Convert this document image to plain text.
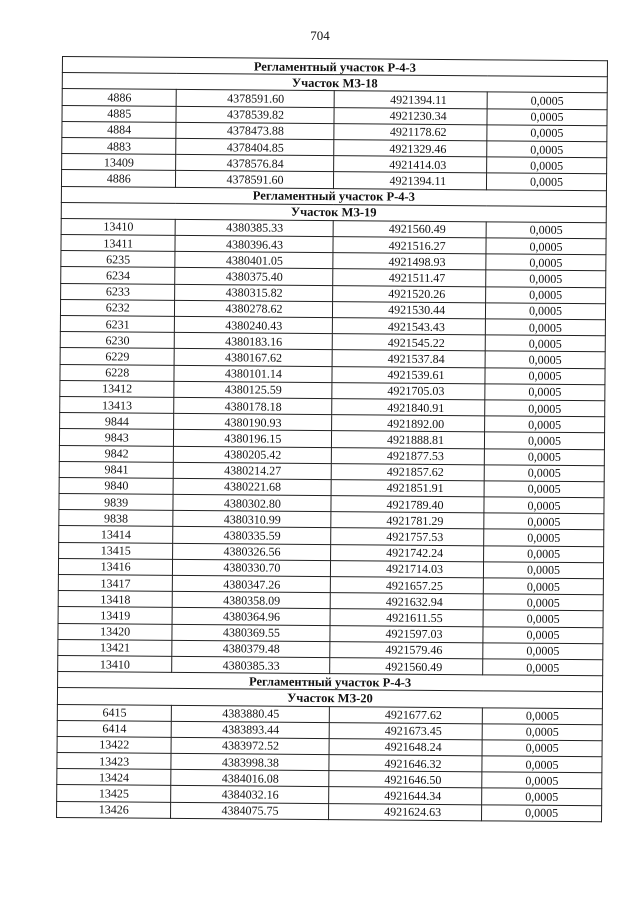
704
Регламентный участок Р-4-3			
Участок МЗ-18			
4886	4378591.60	4921394.11	0,0005
4885	4378539.82	4921230.34	0,0005
4884	4378473.88	4921178.62	0,0005
4883	4378404.85	4921329.46	0,0005
13409	4378576.84	4921414.03	0,0005
4886	4378591.60	4921394.11	0,0005
Регламентный участок Р-4-3			
Участок МЗ-19			
13410	4380385.33	4921560.49	0,0005
13411	4380396.43	4921516.27	0,0005
6235	4380401.05	4921498.93	0,0005
6234	4380375.40	4921511.47	0,0005
6233	4380315.82	4921520.26	0,0005
6232	4380278.62	4921530.44	0,0005
6231	4380240.43	4921543.43	0,0005
6230	4380183.16	4921545.22	0,0005
6229	4380167.62	4921537.84	0,0005
6228	4380101.14	4921539.61	0,0005
13412	4380125.59	4921705.03	0,0005
13413	4380178.18	4921840.91	0,0005
9844	4380190.93	4921892.00	0,0005
9843	4380196.15	4921888.81	0,0005
9842	4380205.42	4921877.53	0,0005
9841	4380214.27	4921857.62	0,0005
9840	4380221.68	4921851.91	0,0005
9839	4380302.80	4921789.40	0,0005
9838	4380310.99	4921781.29	0,0005
13414	4380335.59	4921757.53	0,0005
13415	4380326.56	4921742.24	0,0005
13416	4380330.70	4921714.03	0,0005
13417	4380347.26	4921657.25	0,0005
13418	4380358.09	4921632.94	0,0005
13419	4380364.96	4921611.55	0,0005
13420	4380369.55	4921597.03	0,0005
13421	4380379.48	4921579.46	0,0005
13410	4380385.33	4921560.49	0,0005
Регламентный участок Р-4-3			
Участок МЗ-20			
6415	4383880.45	4921677.62	0,0005
6414	4383893.44	4921673.45	0,0005
13422	4383972.52	4921648.24	0,0005
13423	4383998.38	4921646.32	0,0005
13424	4384016.08	4921646.50	0,0005
13425	4384032.16	4921644.34	0,0005
13426	4384075.75	4921624.63	0,0005
